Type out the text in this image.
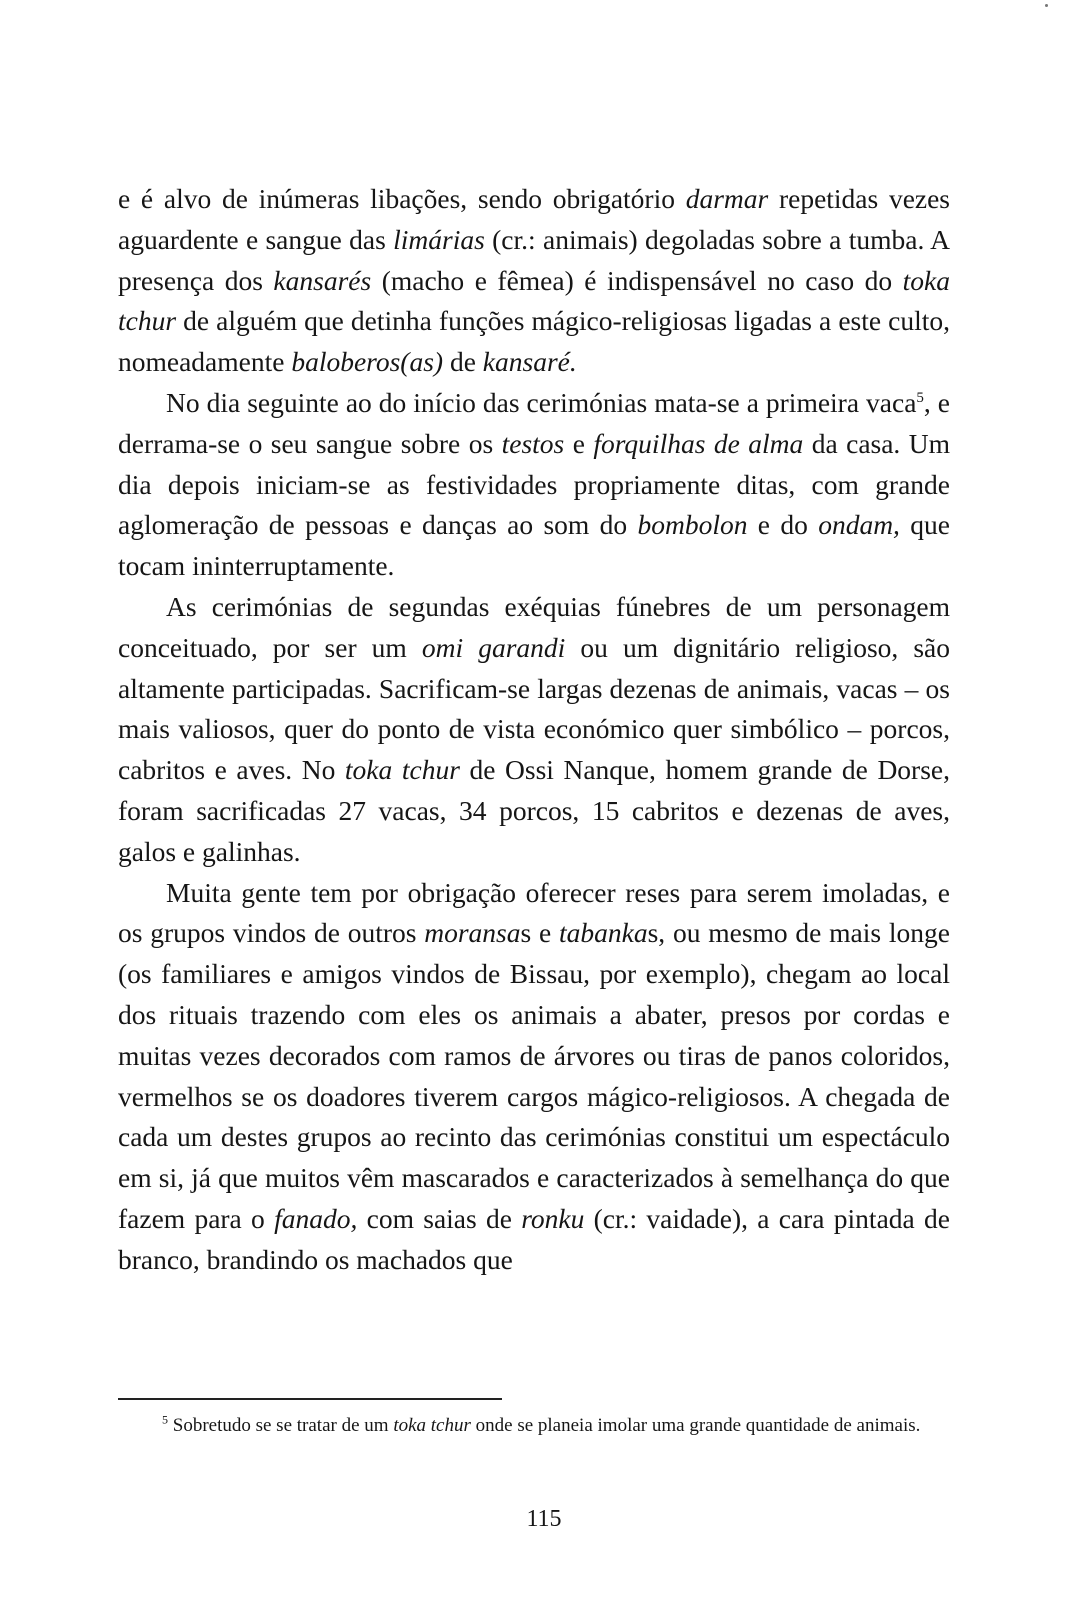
e é alvo de inúmeras libações, sendo obrigatório darmar repetidas vezes aguardente e sangue das limárias (cr.: animais) degoladas sobre a tumba. A presença dos kansarés (macho e fêmea) é indispensável no caso do toka tchur de alguém que detinha funções mágico-religiosas ligadas a este culto, nomeadamente baloberos(as) de kansaré.

No dia seguinte ao do início das cerimónias mata-se a primeira vaca$^5$, e derrama-se o seu sangue sobre os testos e forquilhas de alma da casa. Um dia depois iniciam-se as festividades propriamente ditas, com grande aglomeração de pessoas e danças ao som do bombolon e do ondam, que tocam ininterruptamente.

As cerimónias de segundas exéquias fúnebres de um personagem conceituado, por ser um omi garandi ou um dignitário religioso, são altamente participadas. Sacrificam-se largas dezenas de animais, vacas – os mais valiosos, quer do ponto de vista económico quer simbólico – porcos, cabritos e aves. No toka tchur de Ossi Nanque, homem grande de Dorse, foram sacrificadas 27 vacas, 34 porcos, 15 cabritos e dezenas de aves, galos e galinhas.

Muita gente tem por obrigação oferecer reses para serem imoladas, e os grupos vindos de outros moransas e tabankas, ou mesmo de mais longe (os familiares e amigos vindos de Bissau, por exemplo), chegam ao local dos rituais trazendo com eles os animais a abater, presos por cordas e muitas vezes decorados com ramos de árvores ou tiras de panos coloridos, vermelhos se os doadores tiverem cargos mágico-religiosos. A chegada de cada um destes grupos ao recinto das cerimónias constitui um espectáculo em si, já que muitos vêm mascarados e caracterizados à semelhança do que fazem para o fanado, com saias de ronku (cr.: vaidade), a cara pintada de branco, brandindo os machados que

$^5$ Sobretudo se se tratar de um toka tchur onde se planeia imolar uma grande quantidade de animais.
115
